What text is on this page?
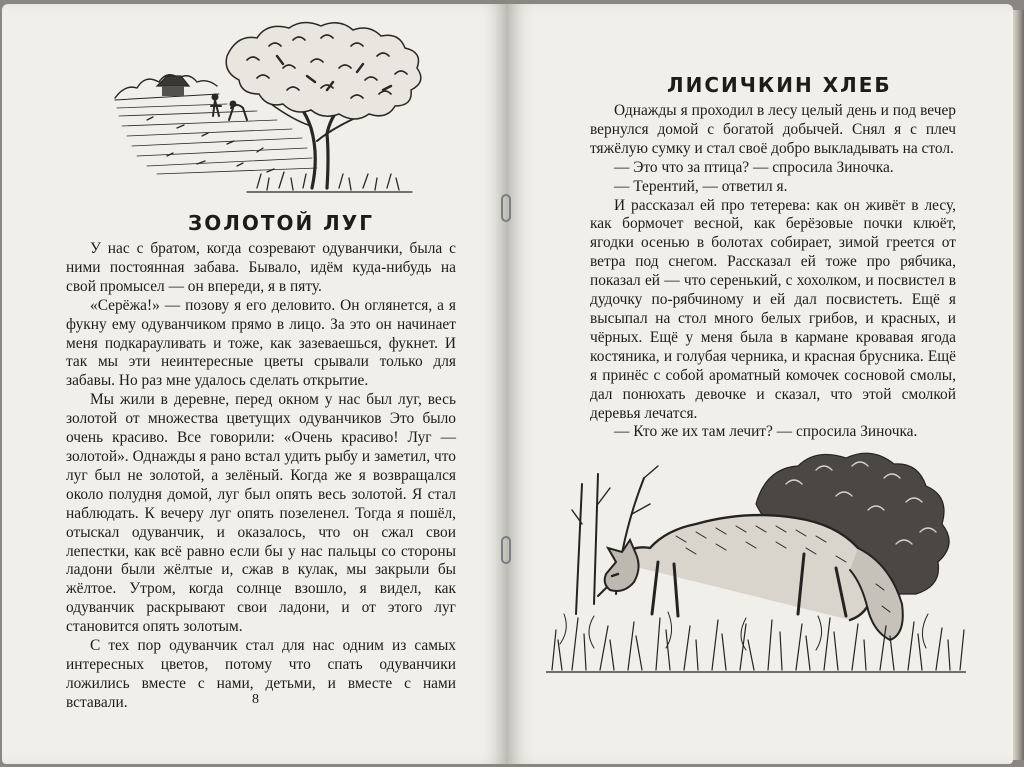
ЗОЛОТОЙ ЛУГ

У нас с братом, когда созревают одуванчики, была с ними постоянная забава. Бывало, идём куда-нибудь на свой промысел — он впереди, я в пяту.

«Серёжа!» — позову я его деловито. Он оглянется, а я фукну ему одуванчиком прямо в лицо. За это он начинает меня подкарауливать и тоже, как зазеваешься, фукнет. И так мы эти неинтересные цветы срывали только для забавы. Но раз мне удалось сделать открытие.

Мы жили в деревне, перед окном у нас был луг, весь золотой от множества цветущих одуванчиков Это было очень красиво. Все говорили: «Очень красиво! Луг — золотой». Однажды я рано встал удить рыбу и заметил, что луг был не золотой, а зелёный. Когда же я возвращался около полудня домой, луг был опять весь золотой. Я стал наблюдать. К вечеру луг опять позеленел. Тогда я пошёл, отыскал одуванчик, и оказалось, что он сжал свои лепестки, как всё равно если бы у нас пальцы со стороны ладони были жёлтые и, сжав в кулак, мы закрыли бы жёлтое. Утром, когда солнце взошло, я видел, как одуванчик раскрывают свои ладони, и от этого луг становится опять золотым.

С тех пор одуванчик стал для нас одним из самых интересных цветов, потому что спать одуванчики ложились вместе с нами, детьми, и вместе с нами вставали.	8
ЛИСИЧКИН ХЛЕБ

Однажды я проходил в лесу целый день и под вечер вернулся домой с богатой добычей. Снял я с плеч тяжёлую сумку и стал своё добро выкладывать на стол.

— Это что за птица? — спросила Зиночка.

— Терентий, — ответил я.

И рассказал ей про тетерева: как он живёт в лесу, как бормочет весной, как берёзовые почки клюёт, ягодки осенью в болотах собирает, зимой греется от ветра под снегом. Рассказал ей тоже про рябчика, показал ей — что серенький, с хохолком, и посвистел в дудочку по-рябчиному и ей дал посвистеть. Ещё я высыпал на стол много белых грибов, и красных, и чёрных. Ещё у меня была в кармане кровавая ягода костяника, и голубая черника, и красная брусника. Ещё я принёс с собой ароматный комочек сосновой смолы, дал понюхать девочке и сказал, что этой смолкой деревья лечатся.

— Кто же их там лечит? — спросила Зиночка.
